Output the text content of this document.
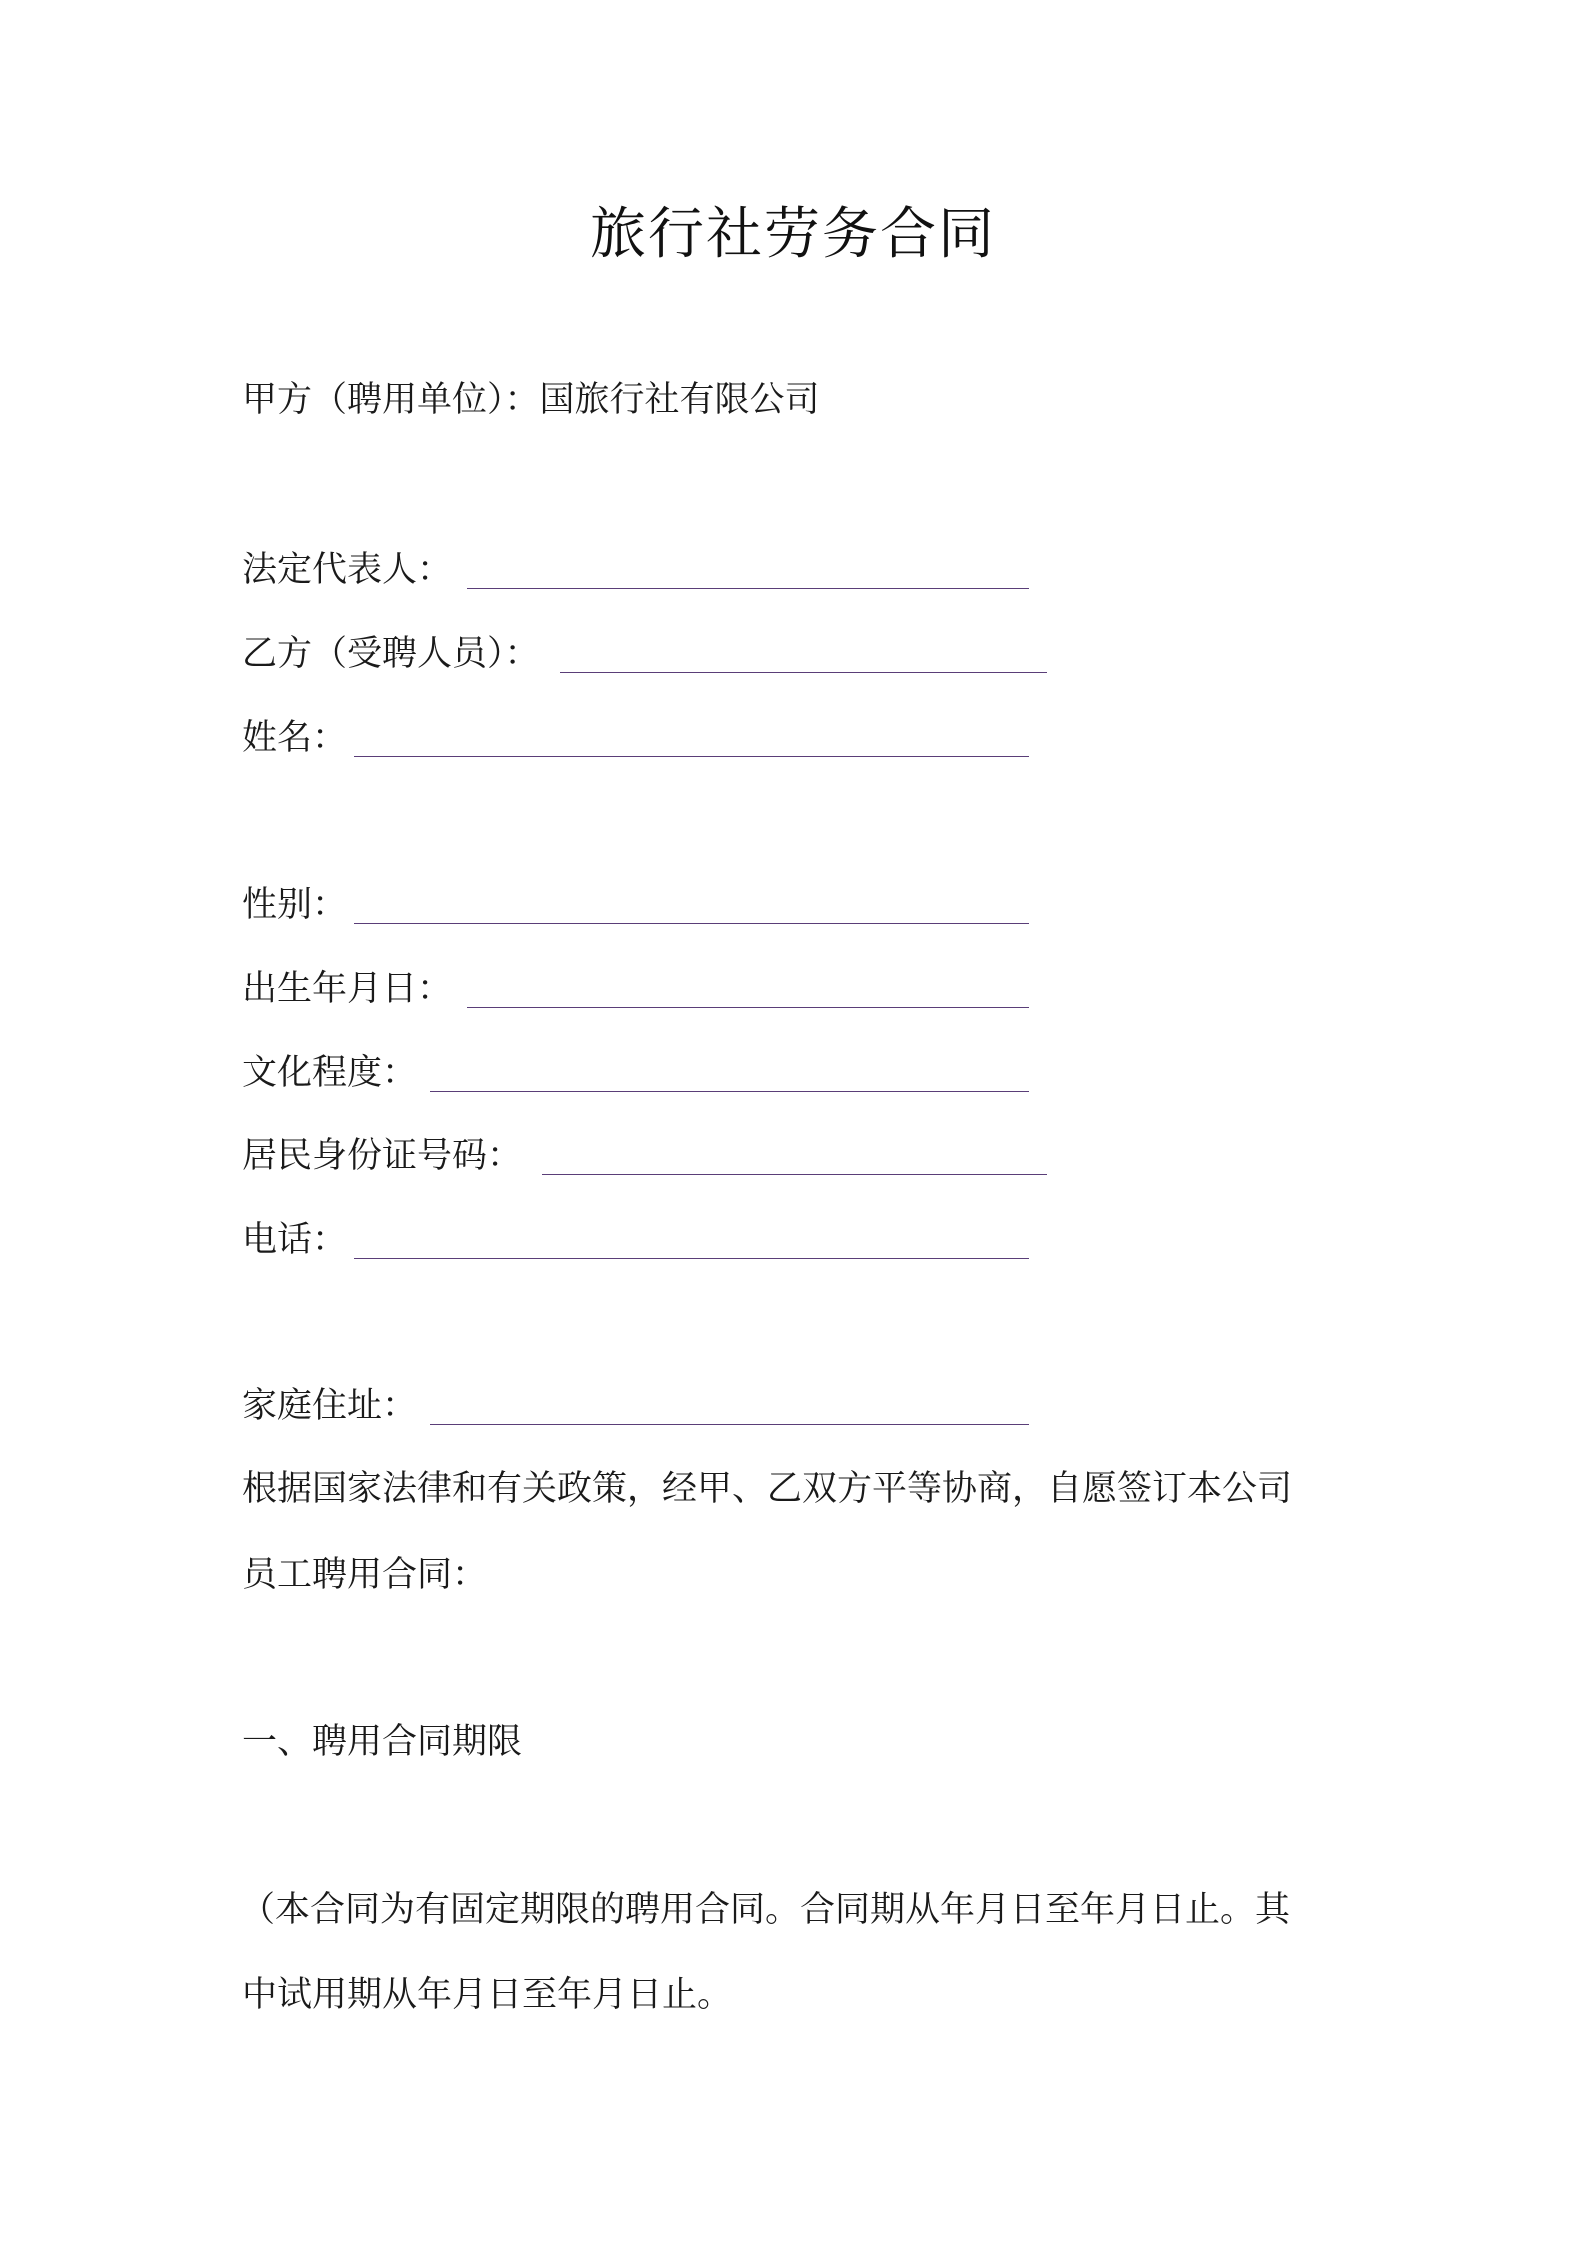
旅行社劳务合同
甲方（聘用单位）：国旅行社有限公司
法定代表人：
乙方（受聘人员）：
姓名：
性别：
出生年月日：
文化程度：
居民身份证号码：
电话：
家庭住址：
根据国家法律和有关政策，经甲、乙双方平等协商，自愿签订本公司
员工聘用合同：
一、聘用合同期限
（本合同为有固定期限的聘用合同。合同期从年月日至年月日止。其
中试用期从年月日至年月日止。
